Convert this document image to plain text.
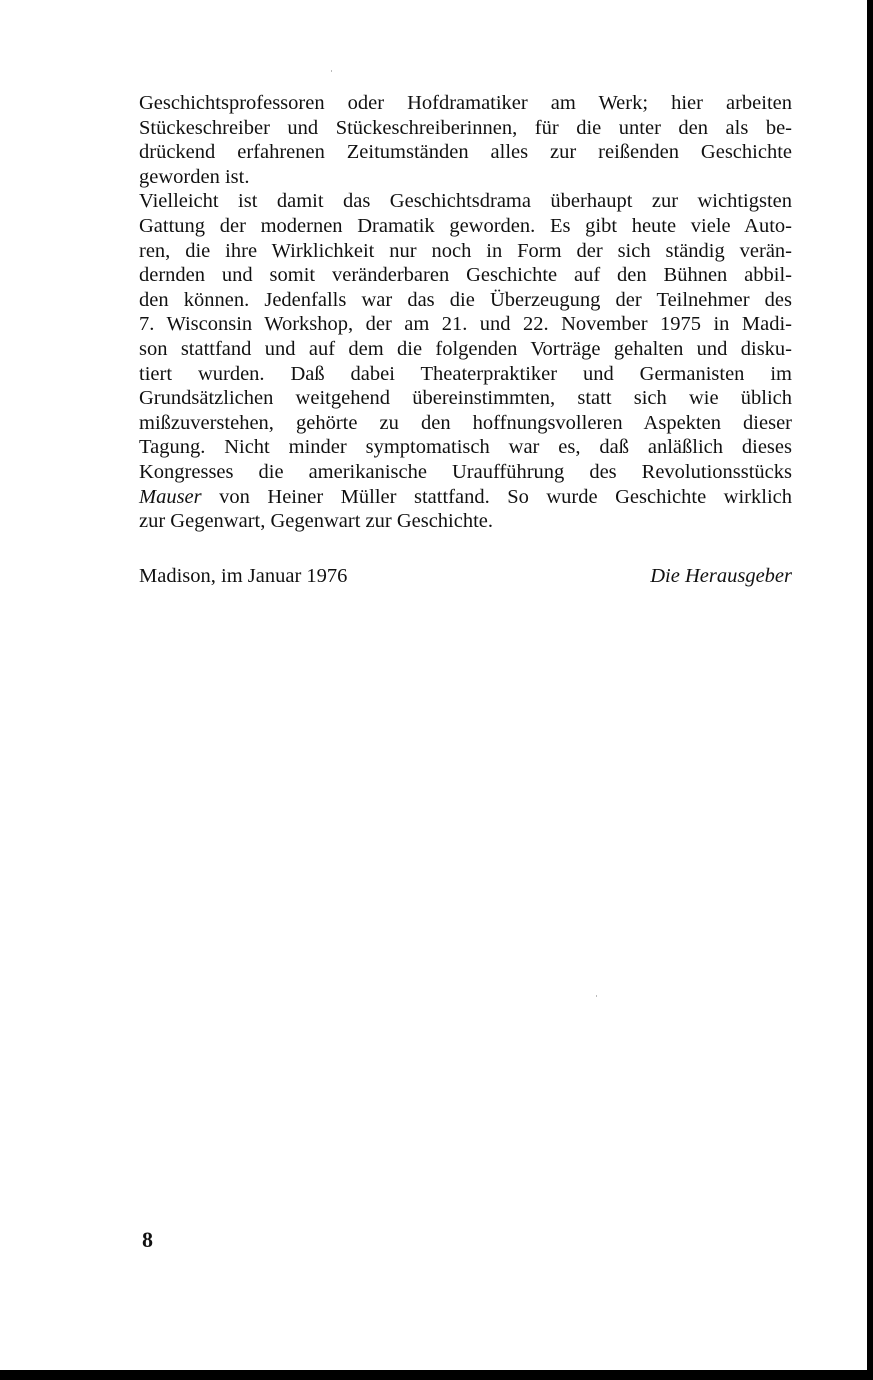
Geschichtsprofessoren oder Hofdramatiker am Werk; hier arbeiten
Stückeschreiber und Stückeschreiberinnen, für die unter den als be-
drückend erfahrenen Zeitumständen alles zur reißenden Geschichte
geworden ist.
Vielleicht ist damit das Geschichtsdrama überhaupt zur wichtigsten
Gattung der modernen Dramatik geworden. Es gibt heute viele Auto-
ren, die ihre Wirklichkeit nur noch in Form der sich ständig verän-
dernden und somit veränderbaren Geschichte auf den Bühnen abbil-
den können. Jedenfalls war das die Überzeugung der Teilnehmer des
7. Wisconsin Workshop, der am 21. und 22. November 1975 in Madi-
son stattfand und auf dem die folgenden Vorträge gehalten und disku-
tiert wurden. Daß dabei Theaterpraktiker und Germanisten im
Grundsätzlichen weitgehend übereinstimmten, statt sich wie üblich
mißzuverstehen, gehörte zu den hoffnungsvolleren Aspekten dieser
Tagung. Nicht minder symptomatisch war es, daß anläßlich dieses
Kongresses die amerikanische Uraufführung des Revolutionsstücks
Mauser von Heiner Müller stattfand. So wurde Geschichte wirklich
zur Gegenwart, Gegenwart zur Geschichte.
Madison, im Januar 1976	Die Herausgeber
8
